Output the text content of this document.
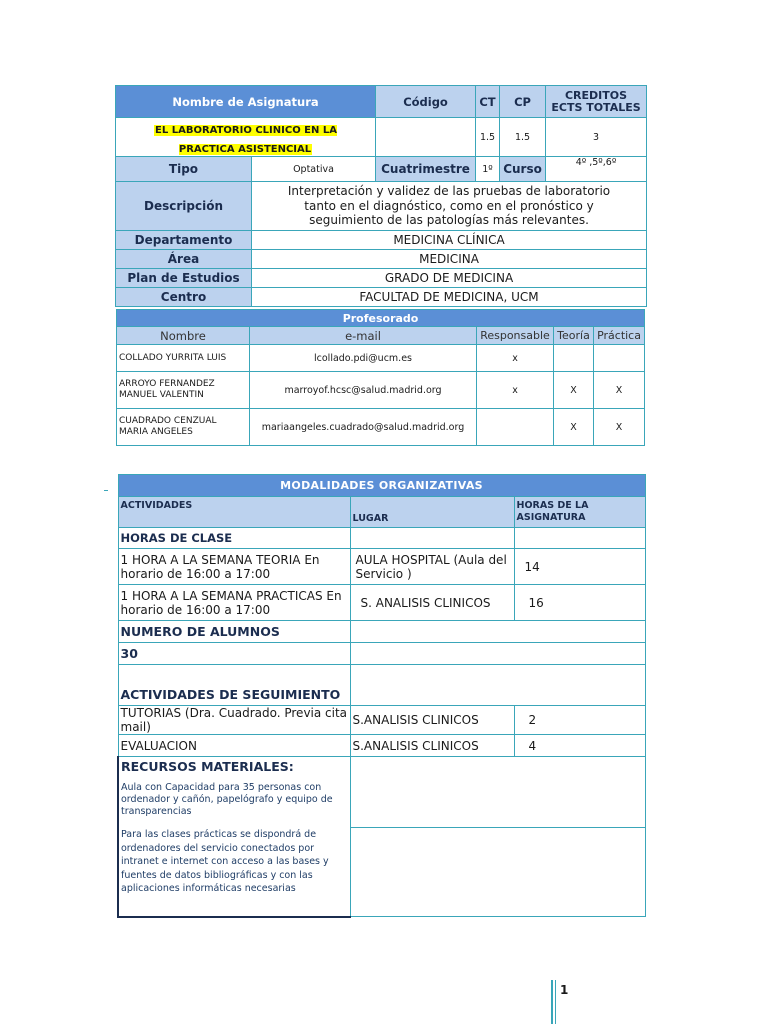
Nombre de Asignatura		Código	CT	CP	CREDITOS ECTS TOTALES
EL LABORATORIO CLINICO EN LA PRACTICA ASISTENCIAL			1.5	1.5	3
Tipo	Optativa	Cuatrimestre	1º	Curso	4º ,5º,6º
Descripción	Interpretación y validez de las pruebas de laboratorio tanto en el diagnóstico, como en el pronóstico y seguimiento de las patologías más relevantes.				
Departamento	MEDICINA CLÍNICA				
Área	MEDICINA				
Plan de Estudios	GRADO DE MEDICINA				
Centro	FACULTAD DE MEDICINA, UCM				
Profesorado				
Nombre	e-mail	Responsable	Teoría	Práctica
COLLADO YURRITA LUIS	lcollado.pdi@ucm.es	x		
ARROYO FERNANDEZ MANUEL VALENTIN	marroyof.hcsc@salud.madrid.org	x	X	X
CUADRADO CENZUAL MARIA ANGELES	mariaangeles.cuadrado@salud.madrid.org		X	X
MODALIDADES ORGANIZATIVAS		
ACTIVIDADES	LUGAR	HORAS DE LA ASIGNATURA
HORAS DE CLASE		
1 HORA A LA SEMANA TEORIA En horario de 16:00 a 17:00	AULA HOSPITAL (Aula del Servicio )	14
1 HORA A LA SEMANA PRACTICAS En horario de 16:00 a 17:00	S. ANALISIS CLINICOS	16
NUMERO DE ALUMNOS		
30		
ACTIVIDADES DE SEGUIMIENTO		
TUTORIAS (Dra. Cuadrado. Previa cita mail)	S.ANALISIS CLINICOS	2
EVALUACION	S.ANALISIS CLINICOS	4

RECURSOS MATERIALES:
Aula con Capacidad para 35 personas con ordenador y cañón, papelógrafo y equipo de transparencias
Para las clases prácticas se dispondrá de ordenadores del servicio conectados por intranet e internet con acceso a las bases y fuentes de datos bibliográficas y con las aplicaciones informáticas necesarias		

1
